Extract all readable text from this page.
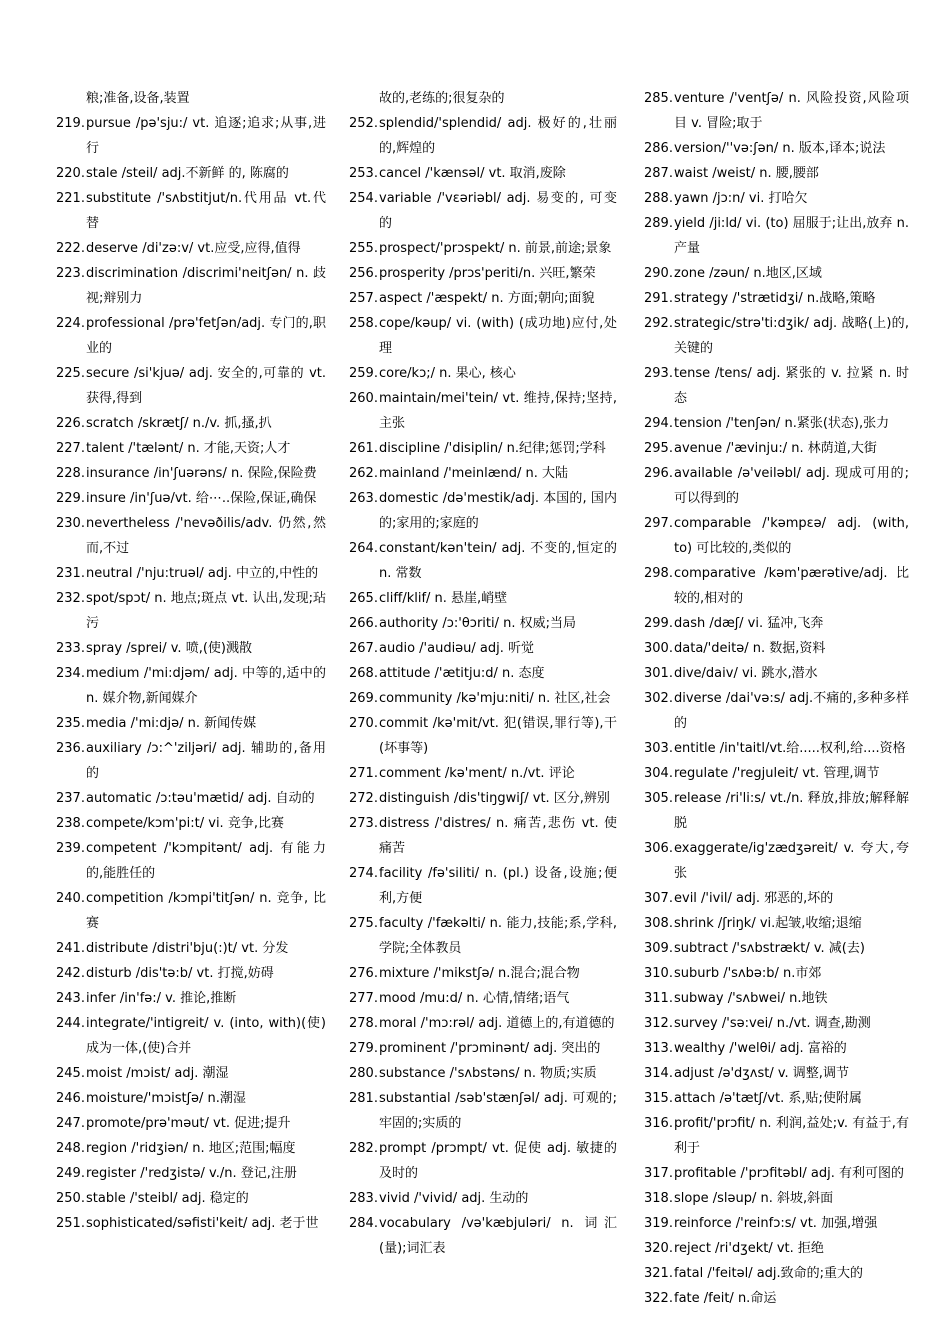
粮;准备,设备,装置
219. pursue /pə'sju:/ vt. 追逐;追求;从事,进行
220. stale /steil/ adj.不新鲜 的, 陈腐的
221. substitute /'sʌbstitjut/n.代用品 vt.代替
222. deserve /di'zə:v/ vt.应受,应得,值得
223. discrimination /discrimi'neitʃən/ n. 歧视;辩别力
224. professional /prə'fetʃən/adj. 专门的,职业的
225. secure /si'kjuə/ adj. 安全的,可靠的 vt. 获得,得到
226. scratch /skrætʃ/ n./v. 抓,搔,扒
227. talent /'tælənt/ n. 才能,天资;人才
228. insurance /in'ʃuərəns/ n. 保险,保险费
229. insure /in'ʃuə/vt. 给⋯..保险,保证,确保
230. nevertheless /'nevəðilis/adv. 仍然,然而,不过
231. neutral /'nju:truəl/ adj. 中立的,中性的
232. spot/spɔt/ n. 地点;斑点 vt. 认出,发现;玷污
233. spray /sprei/ v. 喷,(使)溅散
234. medium /'mi:djəm/ adj. 中等的,适中的 n. 媒介物,新闻媒介
235. media /'mi:djə/ n. 新闻传媒
236. auxiliary /ɔ:^'ziljəri/ adj. 辅助的,备用的
237. automatic /ɔ:təu'mætid/ adj. 自动的
238. compete/kɔm'pi:t/ vi. 竞争,比赛
239. competent /'kɔmpitənt/ adj. 有能力的,能胜任的
240. competition /kɔmpi'titʃən/ n. 竞争, 比赛
241. distribute /distri'bju(:)t/ vt. 分发
242. disturb /dis'tə:b/ vt. 打搅,妨碍
243. infer /in'fə:/ v. 推论,推断
244. integrate/'intigreit/ v. (into, with)(使)成为一体,(使)合并
245. moist /mɔist/ adj. 潮湿
246. moisture/'mɔistʃə/ n.潮湿
247. promote/prə'məut/ vt. 促进;提升
248. region /'ridʒiən/ n. 地区;范围;幅度
249. register /'redʒistə/ v./n. 登记,注册
250. stable /'steibl/ adj. 稳定的
251. sophisticated/səfisti'keit/ adj. 老于世
故的,老练的;很复杂的
252. splendid/'splendid/ adj. 极好的,壮丽的,辉煌的
253. cancel /'kænsəl/ vt. 取消,废除
254. variable /'vɛəriəbl/ adj. 易变的, 可变的
255. prospect/'prɔspekt/ n. 前景,前途;景象
256. prosperity /prɔs'periti/n. 兴旺,繁荣
257. aspect /'æspekt/ n. 方面;朝向;面貌
258. cope/kəup/ vi. (with) (成功地)应付,处理
259. core/kɔ;/ n. 果心, 核心
260. maintain/mei'tein/ vt. 维持,保持;坚持,主张
261. discipline /'disiplin/ n.纪律;惩罚;学科
262. mainland /'meinlænd/ n. 大陆
263. domestic /də'mestik/adj. 本国的, 国内的;家用的;家庭的
264. constant/kən'tein/ adj. 不变的,恒定的 n. 常数
265. cliff/klif/ n. 悬崖,峭壁
266. authority /ɔ:'θɔriti/ n. 权威;当局
267. audio /'audiəu/ adj. 听觉
268. attitude /'ætitju:d/ n. 态度
269. community /kə'mju:niti/ n. 社区,社会
270. commit /kə'mit/vt. 犯(错误,罪行等),干(坏事等)
271. comment /kə'ment/ n./vt. 评论
272. distinguish /dis'tiŋgwiʃ/ vt. 区分,辨别
273. distress /'distres/ n. 痛苦,悲伤 vt. 使痛苦
274. facility /fə'siliti/ n. (pl.) 设备,设施;便利,方便
275. faculty /'fækəlti/ n. 能力,技能;系,学科,学院;全体教员
276. mixture /'mikstʃə/ n.混合;混合物
277. mood /mu:d/ n. 心情,情绪;语气
278. moral /'mɔ:rəl/ adj. 道德上的,有道德的
279. prominent /'prɔminənt/ adj. 突出的
280. substance /'sʌbstəns/ n. 物质;实质
281. substantial /səb'stænʃəl/ adj. 可观的;牢固的;实质的
282. prompt /prɔmpt/ vt. 促使 adj. 敏捷的及时的
283. vivid /'vivid/ adj. 生动的
284. vocabulary /və'kæbjuləri/ n. 词汇(量);词汇表
285. venture /'ventʃə/ n. 风险投资,风险项目 v. 冒险;取于
286. version/''və:ʃən/ n. 版本,译本;说法
287. waist /weist/ n. 腰,腰部
288. yawn /jɔ:n/ vi. 打哈欠
289. yield /ji:ld/ vi. (to) 屈服于;让出,放弃 n. 产量
290. zone /zəun/ n.地区,区域
291. strategy /'strætidʒi/ n.战略,策略
292. strategic/strə'ti:dʒik/ adj. 战略(上)的,关键的
293. tense /tens/ adj. 紧张的 v. 拉紧 n. 时态
294. tension /'tenʃən/ n.紧张(状态),张力
295. avenue /'ævinju:/ n. 林荫道,大街
296. available /ə'veiləbl/ adj. 现成可用的;可以得到的
297. comparable /'kəmpɛə/ adj. (with, to) 可比较的,类似的
298. comparative /kəm'pærətive/adj. 比较的,相对的
299. dash /dæʃ/ vi. 猛冲,飞奔
300. data/'deitə/ n. 数据,资料
301. dive/daiv/ vi. 跳水,潜水
302. diverse /dai'və:s/ adj.不痛的,多种多样的
303. entitle /in'taitl/vt.给.....权利,给....资格
304. regulate /'regjuleit/ vt. 管理,调节
305. release /ri'li:s/ vt./n. 释放,排放;解释解脱
306. exaggerate/ig'zædʒəreit/ v. 夸大,夸张
307. evil /'ivil/ adj. 邪恶的,坏的
308. shrink /ʃriŋk/ vi.起皱,收缩;退缩
309. subtract /'sʌbstrækt/ v. 减(去)
310. suburb /'sʌbə:b/ n.市郊
311. subway /'sʌbwei/ n.地铁
312. survey /'sə:vei/ n./vt. 调查,勘测
313. wealthy /'welθi/ adj. 富裕的
314. adjust /ə'dʒʌst/ v. 调整,调节
315. attach /ə'tætʃ/vt. 系,贴;使附属
316. profit/'prɔfit/ n. 利润,益处;v. 有益于,有利于
317. profitable /'prɔfitəbl/ adj. 有利可图的
318. slope /sləup/ n. 斜坡,斜面
319. reinforce /'reinfɔ:s/ vt. 加强,增强
320. reject /ri'dʒekt/ vt. 拒绝
321. fatal /'feitəl/ adj.致命的;重大的
322. fate /feit/ n.命运
